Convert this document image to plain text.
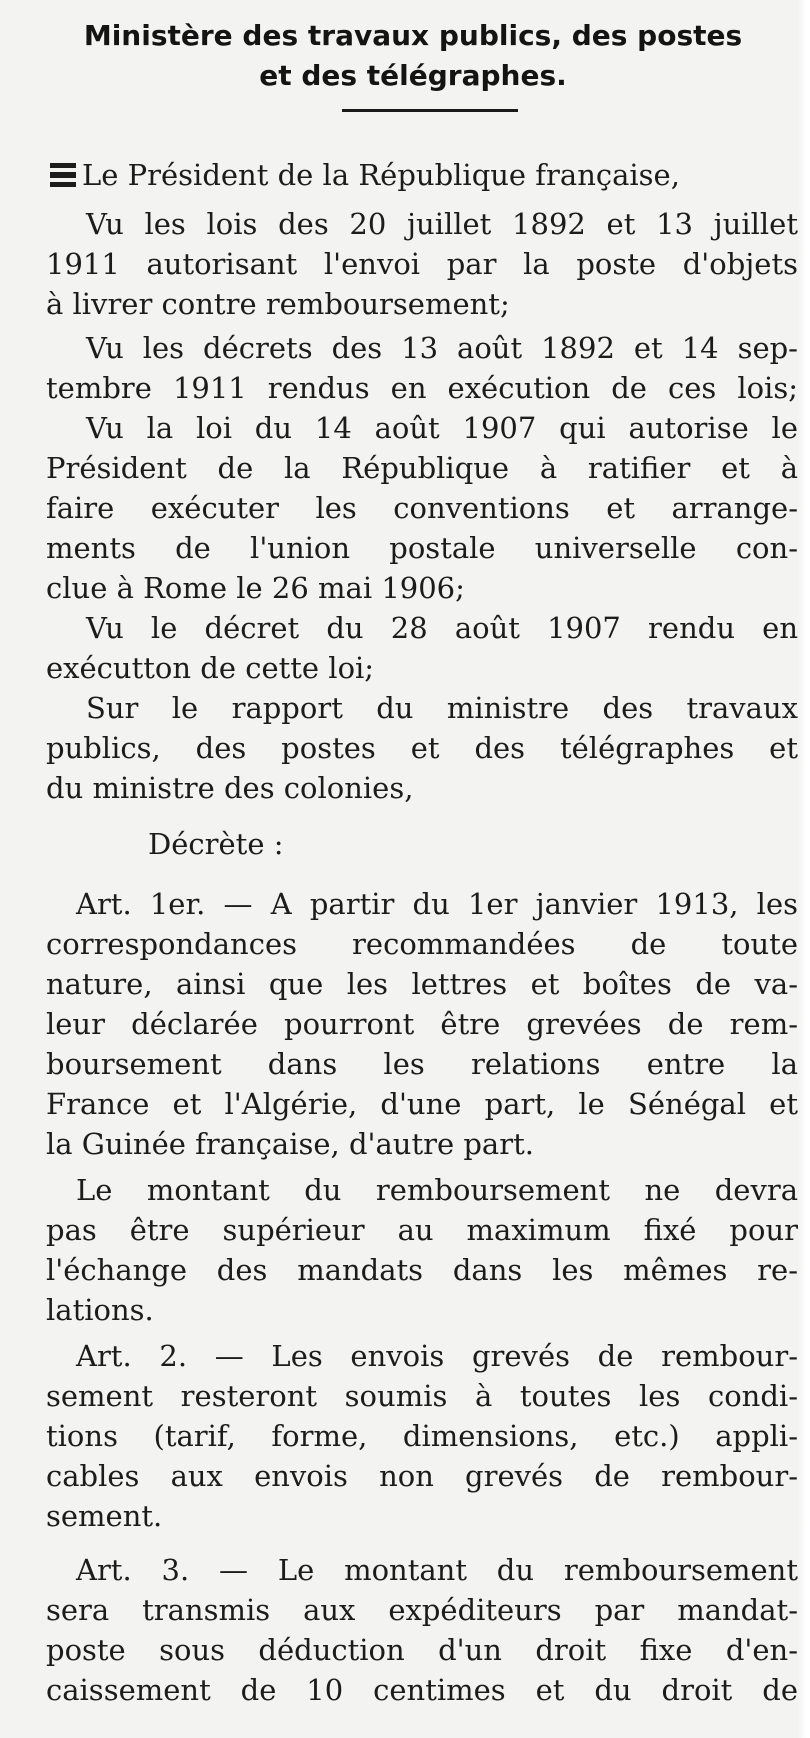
Ministère des travaux publics, des postes
et des télégraphes.
Le Président de la République française,
Vu les lois des 20 juillet 1892 et 13 juillet
1911 autorisant l'envoi par la poste d'objets
à livrer contre remboursement;
Vu les décrets des 13 août 1892 et 14 sep-
tembre 1911 rendus en exécution de ces lois;
Vu la loi du 14 août 1907 qui autorise le
Président de la République à ratifier et à
faire exécuter les conventions et arrange-
ments de l'union postale universelle con-
clue à Rome le 26 mai 1906;
Vu le décret du 28 août 1907 rendu en
exécutton de cette loi;
Sur le rapport du ministre des travaux
publics, des postes et des télégraphes et
du ministre des colonies,
Décrète :
Art. 1er. — A partir du 1er janvier 1913, les
correspondances recommandées de toute
nature, ainsi que les lettres et boîtes de va-
leur déclarée pourront être grevées de rem-
boursement dans les relations entre la
France et l'Algérie, d'une part, le Sénégal et
la Guinée française, d'autre part.
Le montant du remboursement ne devra
pas être supérieur au maximum fixé pour
l'échange des mandats dans les mêmes re-
lations.
Art. 2. — Les envois grevés de rembour-
sement resteront soumis à toutes les condi-
tions (tarif, forme, dimensions, etc.) appli-
cables aux envois non grevés de rembour-
sement.
Art. 3. — Le montant du remboursement
sera transmis aux expéditeurs par mandat-
poste sous déduction d'un droit fixe d'en-
caissement de 10 centimes et du droit de
